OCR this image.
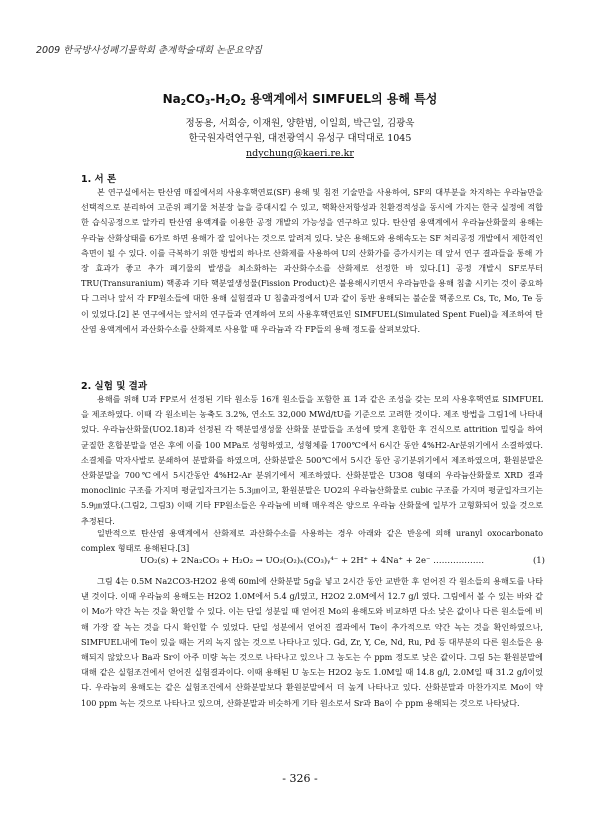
2009 한국방사성폐기물학회 춘계학술대회 논문요약집
$Na_2CO_3-H_2O_2$ 용액계에서 SIMFUEL의 용해 특성
정동용, 서희승, 이재원, 양한범, 이일희, 박근일, 김광욱
한국원자력연구원, 대전광역시 유성구 대덕대로 1045
ndychung@kaeri.re.kr
1. 서 론

본 연구실에서는 탄산염 매질에서의 사용후핵연료(SF) 용해 및 침전 기술만을 사용하여, SF의 대부분을 차지하는 우라늄만을 선택적으로 분리하여 고준위 폐기물 처분장 늘을 증대시킬 수 있고, 핵확산저항성과 친환경적성을 동시에 가지는 한국 실정에 적합한 습식공정으로 알카리 탄산염 용액계를 이용한 공정 개발의 가능성을 연구하고 있다. 탄산염 용액계에서 우라늄산화물의 용해는 우라늄 산화상태를 6가로 하면 용해가 잘 일어나는 것으로 알려져 있다. 낮은 용해도와 용해속도는 SF 처리공정 개발에서 제한적인 측면이 될 수 있다. 이를 극복하기 위한 방법의 하나로 산화제를 사용하여 U의 산화가를 증가시키는 데 앞서 연구 결과들을 통해 가장 효과가 좋고 추가 폐기물의 발생을 최소화하는 과산화수소를 산화제로 선정한 바 있다.[1] 공정 개발시 SF로부터 TRU(Transuranium) 핵종과 기타 핵분열생성물(Fission Product)은 불용해시키면서 우라늄만을 용해 침출 시키는 것이 중요하다 그러나 앞서 각 FP원소들에 대한 용해 실험결과 U 침출과정에서 U과 같이 동반 용해되는 불순물 핵종으로 Cs, Tc, Mo, Te 등이 있었다.[2] 본 연구에서는 앞서의 연구들과 연계하여 모의 사용후핵연료인 SIMFUEL(Simulated Spent Fuel)을 제조하여 탄산염 용액계에서 과산화수소를 산화제로 사용할 때 우라늄과 각 FP들의 용해 정도를 살펴보았다.

2. 실험 및 결과

용해를 위해 U과 FP로서 선정된 기타 원소등 16개 원소들을 포함한 표 1과 같은 조성을 갖는 모의 사용후핵연료 SIMFUEL을 제조하였다. 이때 각 원소비는 농축도 3.2%, 연소도 32,000 MWd/tU를 기준으로 고려한 것이다. 제조 방법을 그림1에 나타내었다. 우라늄산화물(UO2.18)과 선정된 각 핵분열생성물 산화물 분말들을 조성에 맞게 혼합한 후 건식으로 attrition 밀링을 하여 균질한 혼합분말을 얻은 후에 이를 100 MPa로 성형하였고, 성형체를 1700℃에서 6시간 동안 4%H2-Ar분위기에서 소결하였다. 소결체를 막자사발로 분쇄하여 분말화를 하였으며, 산화분말은 500℃에서 5시간 동안 공기분위기에서 제조하였으며, 환원분말은 산화분말을 700℃에서 5시간동안 4%H2-Ar 분위기에서 제조하였다. 산화분말은 U3O8 형태의 우라늄산화물로 XRD 결과 monoclinic 구조를 가지며 평균입자크기는 5.3㎛이고, 환원분말은 UO2의 우라늄산화물로 cubic 구조를 가지며 평균입자크기는 5.9㎛였다.(그림2, 그림3) 이때 기타 FP원소들은 우라늄에 비해 매우적은 양으로 우라늄 산화물에 일부가 고형화되어 있을 것으로 추정된다.

일반적으로 탄산염 용액계에서 산화제로 과산화수소를 사용하는 경우 아래와 같은 반응에 의해 uranyl oxocarbonato complex 형태로 용해된다.[3]

UO₂(s) + 2Na₂CO₃ + H₂O₂ → UO₂(O₂)ₓ(CO₃)ᵧ⁴⁻ + 2H⁺ + 4Na⁺ + 2e⁻ ………………	(1)

그림 4는 0.5M Na2CO3-H2O2 용액 60ml에 산화분말 5g을 넣고 2시간 동안 교반한 후 얻어진 각 원소들의 용해도를 나타낸 것이다. 이때 우라늄의 용해도는 H2O2 1.0M에서 5.4 g/l였고, H2O2 2.0M에서 12.7 g/l 였다. 그림에서 볼 수 있는 바와 같이 Mo가 약간 녹는 것을 확인할 수 있다. 이는 단일 성분일 때 얻어진 Mo의 용해도와 비교하면 다소 낮은 값이나 다른 원소들에 비해 가장 잘 녹는 것을 다시 확인할 수 있었다. 단일 성분에서 얻어진 결과에서 Te이 추가적으로 약간 녹는 것을 확인하였으나, SIMFUEL내에 Te이 있을 때는 거의 녹지 않는 것으로 나타나고 있다. Gd, Zr, Y, Ce, Nd, Ru, Pd 등 대부분의 다른 원소들은 용해되지 않았으나 Ba과 Sr이 아주 미량 녹는 것으로 나타나고 있으나 그 농도는 수 ppm 정도로 낮은 값이다. 그림 5는 환원분말에 대해 같은 실험조건에서 얻어진 실험결과이다. 이때 용해된 U 농도는 H2O2 농도 1.0M일 때 14.8 g/l, 2.0M일 때 31.2 g/l이었다. 우라늄의 용해도는 같은 실험조건에서 산화분말보다 환원분말에서 더 높게 나타나고 있다. 산화분말과 마찬가지로 Mo이 약 100 ppm 녹는 것으로 나타나고 있으며, 산화분말과 비슷하게 기타 원소로서 Sr과 Ba이 수 ppm 용해되는 것으로 나타났다.

- 326 -
